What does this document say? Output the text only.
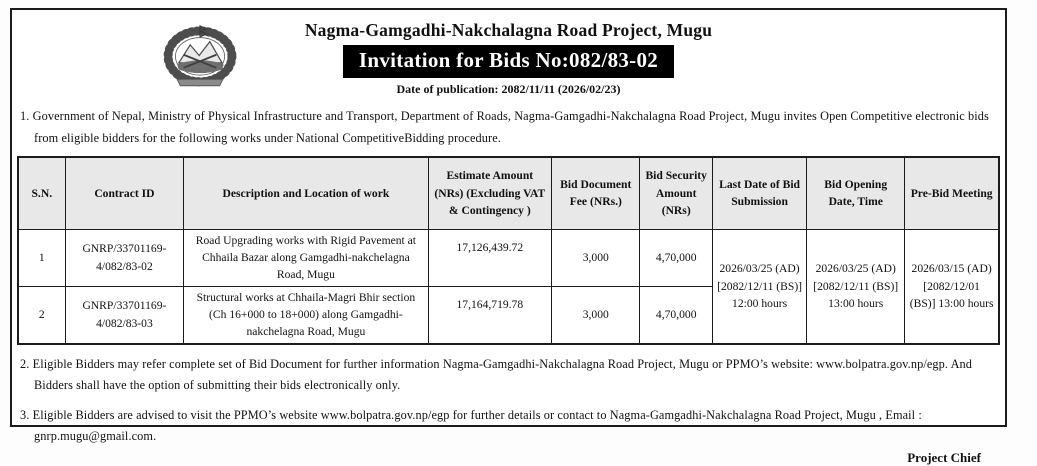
Nagma-Gamgadhi-Nakchalagna Road Project, Mugu
Invitation for Bids No:082/83-02
Date of publication: 2082/11/11 (2026/02/23)

1. Government of Nepal, Ministry of Physical Infrastructure and Transport, Department of Roads, Nagma-Gamgadhi-Nakchalagna Road Project, Mugu invites Open Competitive electronic bids from eligible bidders for the following works under National CompetitiveBidding procedure.

S.N.	Contract ID	Description and Location of work	Estimate Amount (NRs) (Excluding VAT & Contingency )	Bid Document Fee (NRs.)	Bid Security Amount (NRs)	Last Date of Bid Submission	Bid Opening Date, Time	Pre-Bid Meeting
1	GNRP/33701169-4/082/83-02	Road Upgrading works with Rigid Pavement at Chhaila Bazar along Gamgadhi-nakchelagna Road, Mugu	17,126,439.72	3,000	4,70,000	2026/03/25 (AD) [2082/12/11 (BS)] 12:00 hours	2026/03/25 (AD) [2082/12/11 (BS)] 13:00 hours	2026/03/15 (AD) [2082/12/01 (BS)] 13:00 hours
2	GNRP/33701169-4/082/83-03	Structural works at Chhaila-Magri Bhir section (Ch 16+000 to 18+000) along Gamgadhi-nakchelagna Road, Mugu	17,164,719.78	3,000	4,70,000			

2. Eligible Bidders may refer complete set of Bid Document for further information Nagma-Gamgadhi-Nakchalagna Road Project, Mugu or PPMO’s website: www.bolpatra.gov.np/egp. And Bidders shall have the option of submitting their bids electronically only.

3. Eligible Bidders are advised to visit the PPMO’s website www.bolpatra.gov.np/egp for further details or contact to Nagma-Gamgadhi-Nakchalagna Road Project, Mugu , Email : gnrp.mugu@gmail.com.

Project Chief
